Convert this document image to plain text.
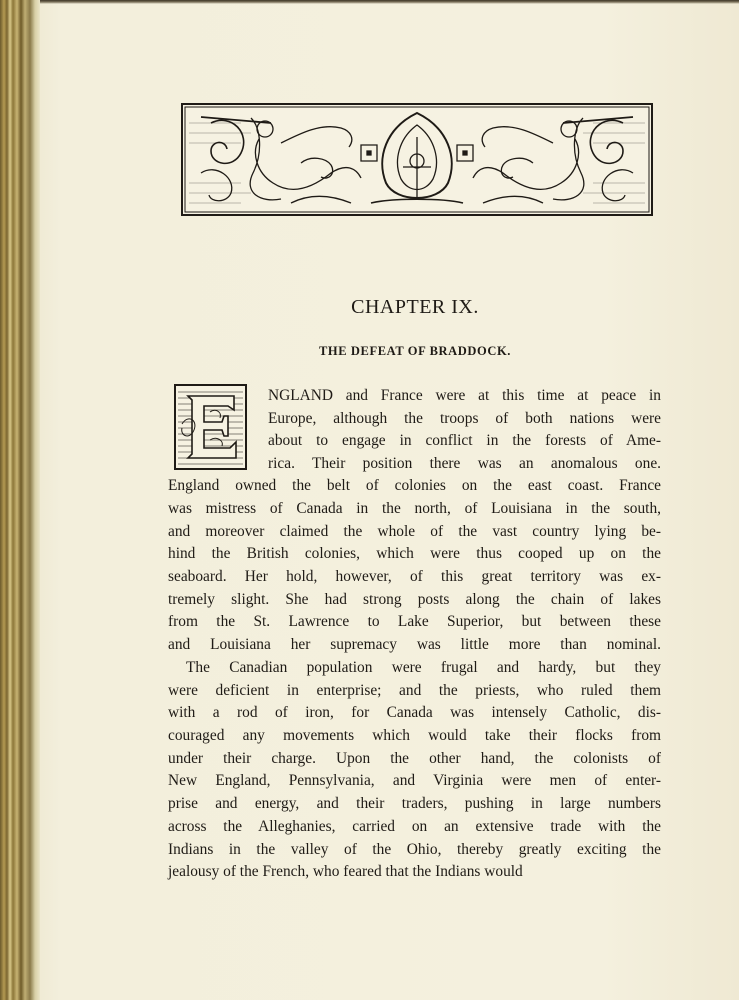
CHAPTER IX.
THE DEFEAT OF BRADDOCK.
NGLAND and France were at this time at peace in
Europe, although the troops of both nations were
about to engage in conflict in the forests of Ame-
rica. Their position there was an anomalous one.
England owned the belt of colonies on the east coast. France
was mistress of Canada in the north, of Louisiana in the south,
and moreover claimed the whole of the vast country lying be-
hind the British colonies, which were thus cooped up on the
seaboard. Her hold, however, of this great territory was ex-
tremely slight. She had strong posts along the chain of lakes
from the St. Lawrence to Lake Superior, but between these
and Louisiana her supremacy was little more than nominal.
The Canadian population were frugal and hardy, but they
were deficient in enterprise; and the priests, who ruled them
with a rod of iron, for Canada was intensely Catholic, dis-
couraged any movements which would take their flocks from
under their charge. Upon the other hand, the colonists of
New England, Pennsylvania, and Virginia were men of enter-
prise and energy, and their traders, pushing in large numbers
across the Alleghanies, carried on an extensive trade with the
Indians in the valley of the Ohio, thereby greatly exciting the
jealousy of the French, who feared that the Indians would
